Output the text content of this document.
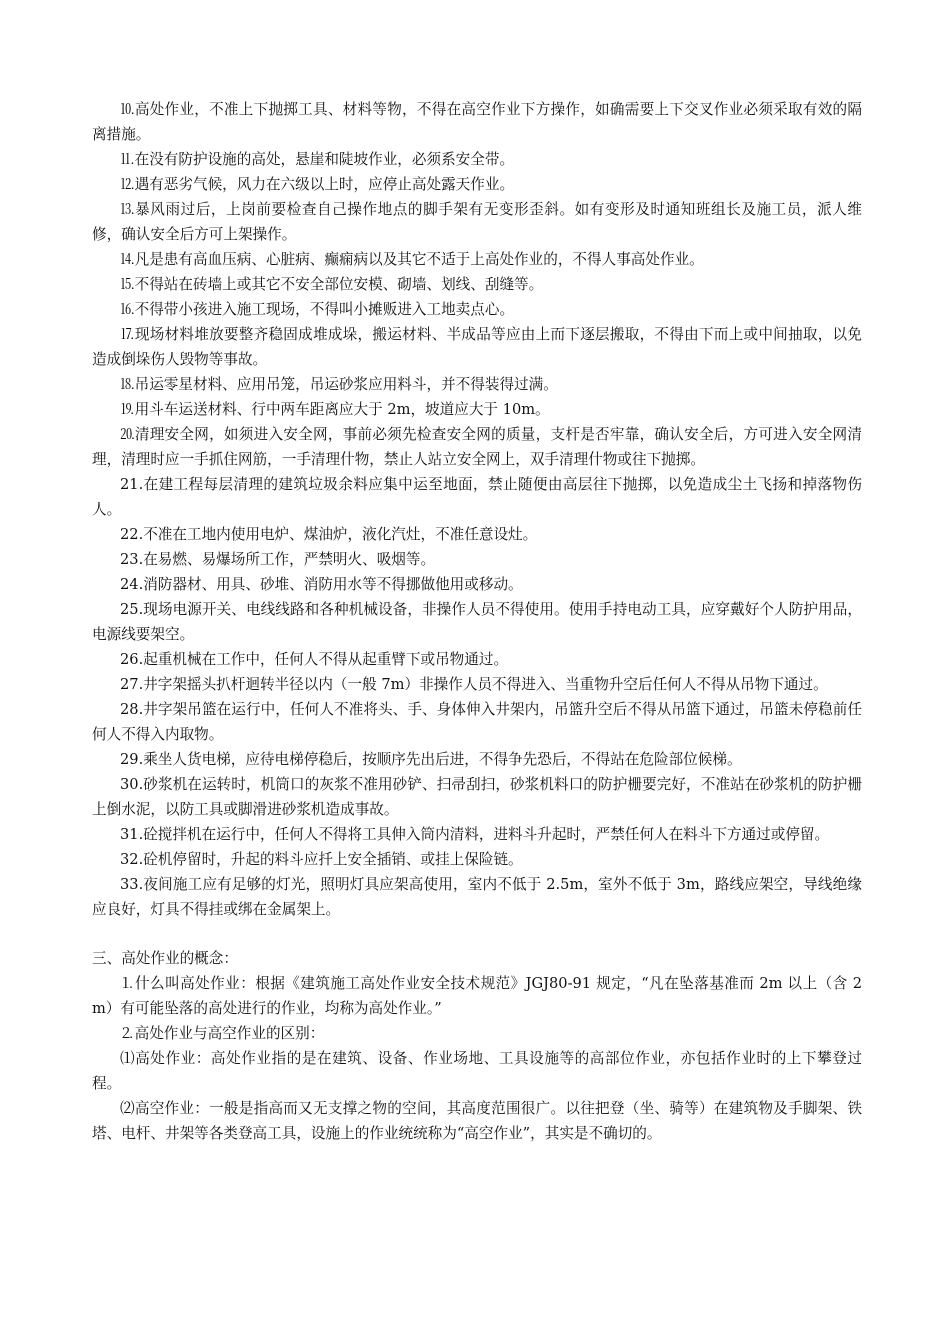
⒑高处作业，不准上下抛掷工具、材料等物，不得在高空作业下方操作，如确需要上下交叉作业必须采取有效的隔离措施。

⒒在没有防护设施的高处，悬崖和陡坡作业，必须系安全带。

⒓遇有恶劣气候，风力在六级以上时，应停止高处露天作业。

⒔暴风雨过后，上岗前要检查自己操作地点的脚手架有无变形歪斜。如有变形及时通知班组长及施工员，派人维修，确认安全后方可上架操作。

⒕凡是患有高血压病、心脏病、癫痫病以及其它不适于上高处作业的，不得人事高处作业。

⒖不得站在砖墙上或其它不安全部位安模、砌墙、划线、刮缝等。

⒗不得带小孩进入施工现场，不得叫小摊贩进入工地卖点心。

⒘现场材料堆放要整齐稳固成堆成垛，搬运材料、半成品等应由上而下逐层搬取，不得由下而上或中间抽取，以免造成倒垛伤人毁物等事故。

⒙吊运零星材料、应用吊笼，吊运砂浆应用料斗，并不得装得过满。

⒚用斗车运送材料、行中两车距离应大于 2m，坡道应大于 10m。

⒛清理安全网，如须进入安全网，事前必须先检查安全网的质量，支杆是否牢靠，确认安全后，方可进入安全网清理，清理时应一手抓住网筋，一手清理什物，禁止人站立安全网上，双手清理什物或往下抛掷。

21.在建工程每层清理的建筑垃圾余料应集中运至地面，禁止随便由高层往下抛掷，以免造成尘土飞扬和掉落物伤人。

22.不准在工地内使用电炉、煤油炉，液化汽灶，不准任意设灶。

23.在易燃、易爆场所工作，严禁明火、吸烟等。

24.消防器材、用具、砂堆、消防用水等不得挪做他用或移动。

25.现场电源开关、电线线路和各种机械设备，非操作人员不得使用。使用手持电动工具，应穿戴好个人防护用品，电源线要架空。

26.起重机械在工作中，任何人不得从起重臂下或吊物通过。

27.井字架摇头扒杆迴转半径以内（一般 7m）非操作人员不得进入、当重物升空后任何人不得从吊物下通过。

28.井字架吊篮在运行中，任何人不准将头、手、身体伸入井架内，吊篮升空后不得从吊篮下通过，吊篮未停稳前任何人不得入内取物。

29.乘坐人货电梯，应待电梯停稳后，按顺序先出后进，不得争先恐后，不得站在危险部位候梯。

30.砂浆机在运转时，机筒口的灰浆不准用砂铲、扫帚刮扫，砂浆机料口的防护栅要完好，不准站在砂浆机的防护栅上倒水泥，以防工具或脚滑进砂浆机造成事故。

31.砼搅拌机在运行中，任何人不得将工具伸入筒内清料，进料斗升起时，严禁任何人在料斗下方通过或停留。

32.砼机停留时，升起的料斗应扦上安全插销、或挂上保险链。

33.夜间施工应有足够的灯光，照明灯具应架高使用，室内不低于 2.5m，室外不低于 3m，路线应架空，导线绝缘应良好，灯具不得挂或绑在金属架上。

三、高处作业的概念：

⒈什么叫高处作业：根据《建筑施工高处作业安全技术规范》JGJ80-91 规定，“凡在坠落基准而 2m 以上（含 2m）有可能坠落的高处进行的作业，均称为高处作业。”

⒉高处作业与高空作业的区别：

⑴高处作业：高处作业指的是在建筑、设备、作业场地、工具设施等的高部位作业，亦包括作业时的上下攀登过程。

⑵高空作业：一般是指高而又无支撑之物的空间，其高度范围很广。以往把登（坐、骑等）在建筑物及手脚架、铁塔、电杆、井架等各类登高工具，设施上的作业统统称为“高空作业”，其实是不确切的。
